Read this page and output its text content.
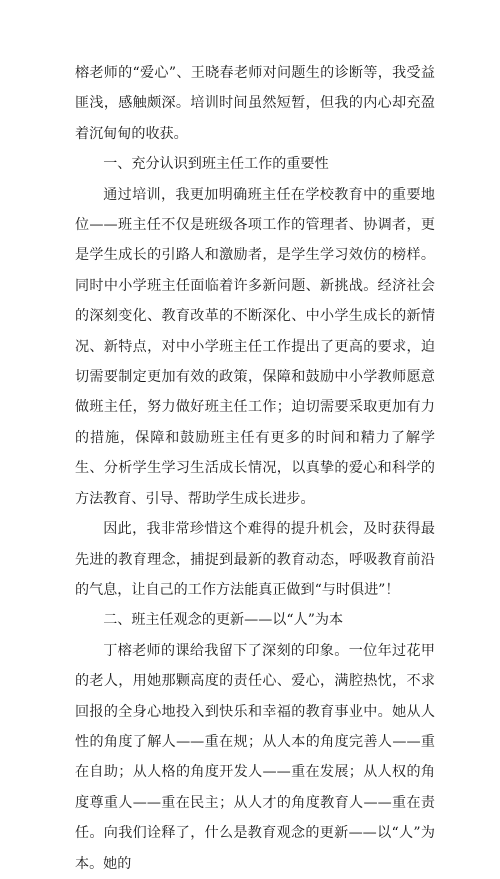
榕老师的“爱心”、王晓春老师对问题生的诊断等，我受益匪浅，感触颇深。培训时间虽然短暂，但我的内心却充盈着沉甸甸的收获。

一、充分认识到班主任工作的重要性

通过培训，我更加明确班主任在学校教育中的重要地位——班主任不仅是班级各项工作的管理者、协调者，更是学生成长的引路人和激励者，是学生学习效仿的榜样。同时中小学班主任面临着许多新问题、新挑战。经济社会的深刻变化、教育改革的不断深化、中小学生成长的新情况、新特点，对中小学班主任工作提出了更高的要求，迫切需要制定更加有效的政策，保障和鼓励中小学教师愿意做班主任，努力做好班主任工作；迫切需要采取更加有力的措施，保障和鼓励班主任有更多的时间和精力了解学生、分析学生学习生活成长情况，以真挚的爱心和科学的方法教育、引导、帮助学生成长进步。

因此，我非常珍惜这个难得的提升机会，及时获得最先进的教育理念，捕捉到最新的教育动态，呼吸教育前沿的气息，让自己的工作方法能真正做到“与时俱进”！

二、班主任观念的更新——以“人”为本

丁榕老师的课给我留下了深刻的印象。一位年过花甲的老人，用她那颗高度的责任心、爱心，满腔热忱，不求回报的全身心地投入到快乐和幸福的教育事业中。她从人性的角度了解人——重在规；从人本的角度完善人——重在自助；从人格的角度开发人——重在发展；从人权的角度尊重人——重在民主；从人才的角度教育人——重在责任。向我们诠释了，什么是教育观念的更新——以“人”为本。她的
